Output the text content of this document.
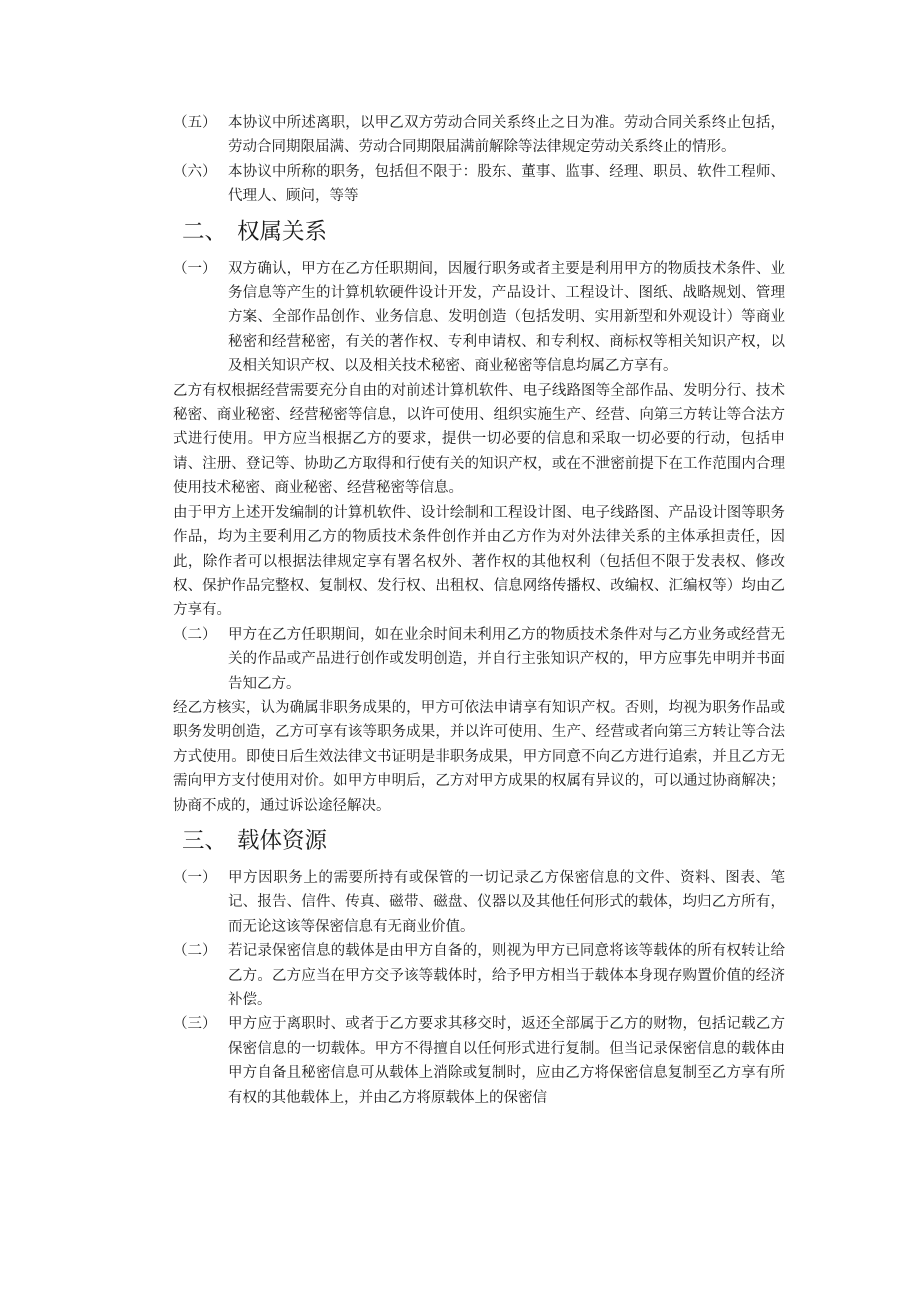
（五） 本协议中所述离职，以甲乙双方劳动合同关系终止之日为准。劳动合同关系终止包括，劳动合同期限届满、劳动合同期限届满前解除等法律规定劳动关系终止的情形。
（六） 本协议中所称的职务，包括但不限于：股东、董事、监事、经理、职员、软件工程师、代理人、顾问，等等
二、 权属关系
（一） 双方确认，甲方在乙方任职期间，因履行职务或者主要是利用甲方的物质技术条件、业务信息等产生的计算机软硬件设计开发，产品设计、工程设计、图纸、战略规划、管理方案、全部作品创作、业务信息、发明创造（包括发明、实用新型和外观设计）等商业秘密和经营秘密，有关的著作权、专利申请权、和专利权、商标权等相关知识产权，以及相关知识产权、以及相关技术秘密、商业秘密等信息均属乙方享有。

乙方有权根据经营需要充分自由的对前述计算机软件、电子线路图等全部作品、发明分行、技术秘密、商业秘密、经营秘密等信息，以许可使用、组织实施生产、经营、向第三方转让等合法方式进行使用。甲方应当根据乙方的要求，提供一切必要的信息和采取一切必要的行动，包括申请、注册、登记等、协助乙方取得和行使有关的知识产权，或在不泄密前提下在工作范围内合理使用技术秘密、商业秘密、经营秘密等信息。

由于甲方上述开发编制的计算机软件、设计绘制和工程设计图、电子线路图、产品设计图等职务作品，均为主要利用乙方的物质技术条件创作并由乙方作为对外法律关系的主体承担责任，因此，除作者可以根据法律规定享有署名权外、著作权的其他权利（包括但不限于发表权、修改权、保护作品完整权、复制权、发行权、出租权、信息网络传播权、改编权、汇编权等）均由乙方享有。

（二） 甲方在乙方任职期间，如在业余时间未利用乙方的物质技术条件对与乙方业务或经营无关的作品或产品进行创作或发明创造，并自行主张知识产权的，甲方应事先申明并书面告知乙方。

经乙方核实，认为确属非职务成果的，甲方可依法申请享有知识产权。否则，均视为职务作品或职务发明创造，乙方可享有该等职务成果，并以许可使用、生产、经营或者向第三方转让等合法方式使用。即使日后生效法律文书证明是非职务成果，甲方同意不向乙方进行追索，并且乙方无需向甲方支付使用对价。如甲方申明后，乙方对甲方成果的权属有异议的，可以通过协商解决；协商不成的，通过诉讼途径解决。

三、 载体资源
（一） 甲方因职务上的需要所持有或保管的一切记录乙方保密信息的文件、资料、图表、笔记、报告、信件、传真、磁带、磁盘、仪器以及其他任何形式的载体，均归乙方所有，而无论这该等保密信息有无商业价值。
（二） 若记录保密信息的载体是由甲方自备的，则视为甲方已同意将该等载体的所有权转让给乙方。乙方应当在甲方交予该等载体时，给予甲方相当于载体本身现存购置价值的经济补偿。
（三） 甲方应于离职时、或者于乙方要求其移交时，返还全部属于乙方的财物，包括记载乙方保密信息的一切载体。甲方不得擅自以任何形式进行复制。但当记录保密信息的载体由甲方自备且秘密信息可从载体上消除或复制时，应由乙方将保密信息复制至乙方享有所有权的其他载体上，并由乙方将原载体上的保密信
